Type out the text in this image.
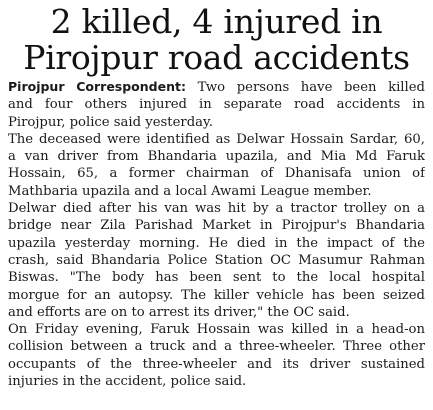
2 killed, 4 injured in
Pirojpur road accidents
Pirojpur Correspondent: Two persons have been killed
and four others injured in separate road accidents in
Pirojpur, police said yesterday.
The deceased were identified as Delwar Hossain Sardar, 60,
a van driver from Bhandaria upazila, and Mia Md Faruk
Hossain, 65, a former chairman of Dhanisafa union of
Mathbaria upazila and a local Awami League member.
Delwar died after his van was hit by a tractor trolley on a
bridge near Zila Parishad Market in Pirojpur's Bhandaria
upazila yesterday morning. He died in the impact of the
crash, said Bhandaria Police Station OC Masumur Rahman
Biswas. "The body has been sent to the local hospital
morgue for an autopsy. The killer vehicle has been seized
and efforts are on to arrest its driver," the OC said.
On Friday evening, Faruk Hossain was killed in a head-on
collision between a truck and a three-wheeler. Three other
occupants of the three-wheeler and its driver sustained
injuries in the accident, police said.
